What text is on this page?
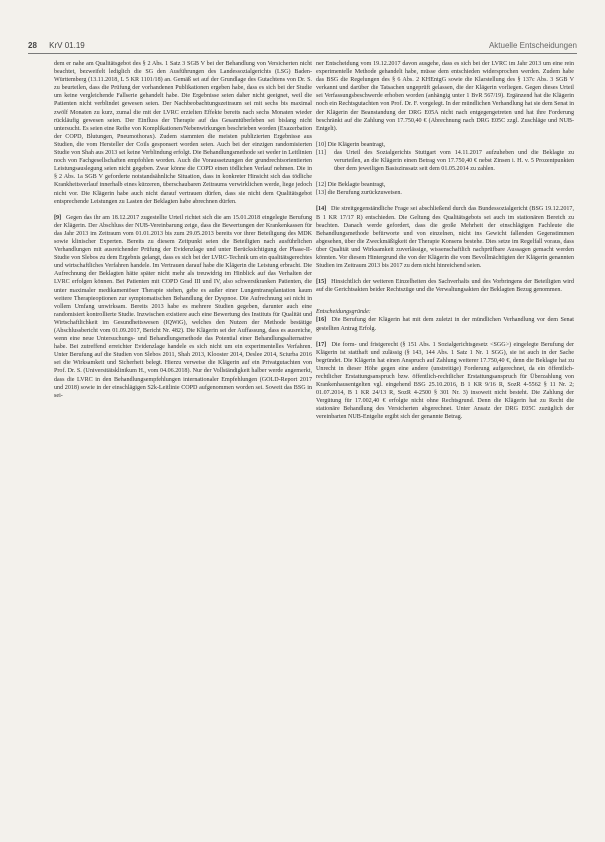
28 KrV 01.19	Aktuelle Entscheidungen

dem er nahe am Qualitätsgebot des § 2 Abs. 1 Satz 3 SGB V bei der Behandlung von Versicherten nicht beachtet, bezweifelt lediglich die SG den Ausführungen des Landessozialgerichts (LSG) Baden-Württemberg (13.11.2018, L 5 KR 1101/18) an. Gemäß sei auf der Grundlage des Gutachtens von Dr. S. zu beurteilen, dass die Prüfung der vorhandenen Publikationen ergeben habe, dass es sich bei der Studie um keine vergleichende Fallserie gehandelt habe. Die Ergebnisse seien daher nicht geeignet, weil die Patienten nicht verblindet gewesen seien. Der Nachbeobachtungszeitraum sei mit sechs bis maximal zwölf Monaten zu kurz, zumal die mit der LVRC erzielten Effekte bereits nach sechs Monaten wieder rückläufig gewesen seien. Der Einfluss der Therapie auf das Gesamtüberleben sei bislang nicht untersucht. Es seien eine Reihe von Komplikationen/Nebenwirkungen beschrieben worden (Exazerbation der COPD, Blutungen, Pneumothorax). Zudem stammten die meisten publizierten Ergebnisse aus Studien, die vom Hersteller der Coils gesponsert worden seien. Auch bei der einzigen randomisierten Studie von Shah aus 2013 sei keine Verblindung erfolgt. Die Behandlungsmethode sei weder in Leitlinien noch von Fachgesellschaften empfohlen worden. Auch die Voraussetzungen der grundrechtsorientierten Leistungsauslegung seien nicht gegeben. Zwar könne die COPD einen tödlichen Verlauf nehmen. Die in § 2 Abs. 1a SGB V geforderte notstandsähnliche Situation, dass in konkreter Hinsicht sich das tödliche Krankheitsverlauf innerhalb eines kürzeren, überschaubaren Zeitraums verwirklichen werde, liege jedoch nicht vor. Die Klägerin habe auch nicht darauf vertrauen dürfen, dass sie nicht dem Qualitätsgebot entsprechende Leistungen zu Lasten der Beklagten habe abrechnen dürfen.

[9] Gegen das ihr am 18.12.2017 zugestellte Urteil richtet sich die am 15.01.2018 eingelegte Berufung der Klägerin. Der Abschluss der NUB-Vereinbarung zeige, dass die Bewertungen der Krankenkassen für das Jahr 2013 im Zeitraum vom 01.01.2013 bis zum 29.05.2013 bereits vor ihrer Beteiligung des MDK sowie klinischer Experten. Bereits zu diesem Zeitpunkt seien die Beteiligten nach ausführlichen Verhandlungen mit ausreichender Prüfung der Evidenzlage und unter Berücksichtigung der Phase-II-Studie von Slebos zu dem Ergebnis gelangt, dass es sich bei der LVRC-Technik um ein qualitätsgerechtes und wirtschaftliches Verfahren handele. Im Vertrauen darauf habe die Klägerin die Leistung erbracht. Die Aufrechnung der Beklagten hätte später nicht mehr als treuwidrig im Hinblick auf das Verhalten der LVRC erfolgen können. Bei Patienten mit COPD Grad III und IV, also schwerstkranken Patienten, die unter maximaler medikamentöser Therapie stehen, gebe es außer einer Lungentransplantation kaum weitere Therapieoptionen zur symptomatischen Behandlung der Dyspnoe. Die Aufrechnung sei nicht in vollem Umfang unwirksam. Bereits 2013 habe es mehrere Studien gegeben, darunter auch eine randomisiert kontrollierte Studie. Inzwischen existiere auch eine Bewertung des Instituts für Qualität und Wirtschaftlichkeit im Gesundheitswesen (IQWiG), welches den Nutzen der Methode bestätige (Abschlussbericht vom 01.09.2017, Bericht Nr. 482). Die Klägerin sei der Auffassung, dass es ausreiche, wenn eine neue Untersuchungs- und Behandlungsmethode das Potential einer Behandlungsalternative habe. Bei zutreffend erreichter Evidenzlage handele es sich nicht um ein experimentelles Verfahren. Unter Berufung auf die Studien von Slebos 2011, Shah 2013, Klooster 2014, Deslee 2014, Sciurba 2016 sei die Wirksamkeit und Sicherheit belegt. Hierzu verweise die Klägerin auf ein Privatgutachten von Prof. Dr. S. (Universitätsklinikum H., vom 04.06.2018). Nur der Vollständigkeit halber werde angemerkt, dass die LVRC in den Behandlungsempfehlungen internationaler Empfehlungen (GOLD-Report 2017 und 2018) sowie in der einschlägigen S2k-Leitlinie COPD aufgenommen worden sei. Soweit das BSG in sei-

ner Entscheidung vom 19.12.2017 davon ausgehe, dass es sich bei der LVRC im Jahr 2013 um eine rein experimentelle Methode gehandelt habe, müsse dem entschieden widersprochen werden. Zudem habe das BSG die Regelungen des § 6 Abs. 2 KHEntgG sowie die Klarstellung des § 137c Abs. 3 SGB V verkannt und darüber die Tatsachen ungeprüft gelassen, die der Klägerin vorliegen. Gegen dieses Urteil sei Verfassungsbeschwerde erhoben worden (anhängig unter 1 BvR 567/19). Ergänzend hat die Klägerin noch ein Rechtsgutachten von Prof. Dr. F. vorgelegt. In der mündlichen Verhandlung hat sie dem Senat in der Klägerin der Beanstandung der DRG E05A nicht nach entgegengetreten und hat ihre Forderung beschränkt auf die Zahlung von 17.750,40 € (Abrechnung nach DRG E05C zzgl. Zuschläge und NUB-Entgelt).

[10] Die Klägerin beantragt,

[11] das Urteil des Sozialgerichts Stuttgart vom 14.11.2017 aufzuheben und die Beklagte zu verurteilen, an die Klägerin einen Betrag von 17.750,40 € nebst Zinsen i. H. v. 5 Prozentpunkten über dem jeweiligen Basiszinssatz seit dem 01.05.2014 zu zahlen.

[12] Die Beklagte beantragt,

[13] die Berufung zurückzuweisen.

[14] Die streitgegenständliche Frage sei abschließend durch das Bundessozialgericht (BSG 19.12.2017, B 1 KR 17/17 R) entschieden. Die Geltung des Qualitätsgebots sei auch im stationären Bereich zu beachten. Danach werde gefordert, dass die große Mehrheit der einschlägigen Fachleute die Behandlungsmethode befürworte und von einzelnen, nicht ins Gewicht fallenden Gegenstimmen abgesehen, über die Zweckmäßigkeit der Therapie Konsens bestehe. Dies setze im Regelfall voraus, dass über Qualität und Wirksamkeit zuverlässige, wissenschaftlich nachprüfbare Aussagen gemacht werden könnten. Vor diesem Hintergrund die von der Klägerin die vom Bevollmächtigten der Klägerin genannten Studien im Zeitraum 2013 bis 2017 zu dem nicht hinreichend seien.

[15] Hinsichtlich der weiteren Einzelheiten des Sachverhalts und des Vorbringens der Beteiligten wird auf die Gerichtsakten beider Rechtszüge und die Verwaltungsakten der Beklagten Bezug genommen.

Entscheidungsgründe:

[16] Die Berufung der Klägerin hat mit dem zuletzt in der mündlichen Verhandlung vor dem Senat gestellten Antrag Erfolg.

[17] Die form- und fristgerecht (§ 151 Abs. 1 Sozialgerichtsgesetz <SGG>) eingelegte Berufung der Klägerin ist statthaft und zulässig (§ 143, 144 Abs. 1 Satz 1 Nr. 1 SGG), sie ist auch in der Sache begründet. Die Klägerin hat einen Anspruch auf Zahlung weiterer 17.750,40 €, denn die Beklagte hat zu Unrecht in dieser Höhe gegen eine andere (unstreitige) Forderung aufgerechnet, da ein öffentlich-rechtlicher Erstattungsanspruch bzw. öffentlich-rechtlicher Erstattungsanspruch für Überzahlung von Krankenhausentgelten vgl. eingehend BSG 25.10.2016, B 1 KR 9/16 R, SozR 4-5562 § 11 Nr. 2; 01.07.2014, B 1 KR 24/13 R, SozR 4-2500 § 301 Nr. 3) insoweit nicht besteht. Die Zahlung der Vergütung für 17.002,40 € erfolgte nicht ohne Rechtsgrund. Denn die Klägerin hat zu Recht die stationäre Behandlung des Versicherten abgerechnet. Unter Ansatz der DRG E05C zuzüglich der vereinbarten NUB-Entgelte ergibt sich der genannte Betrag.
